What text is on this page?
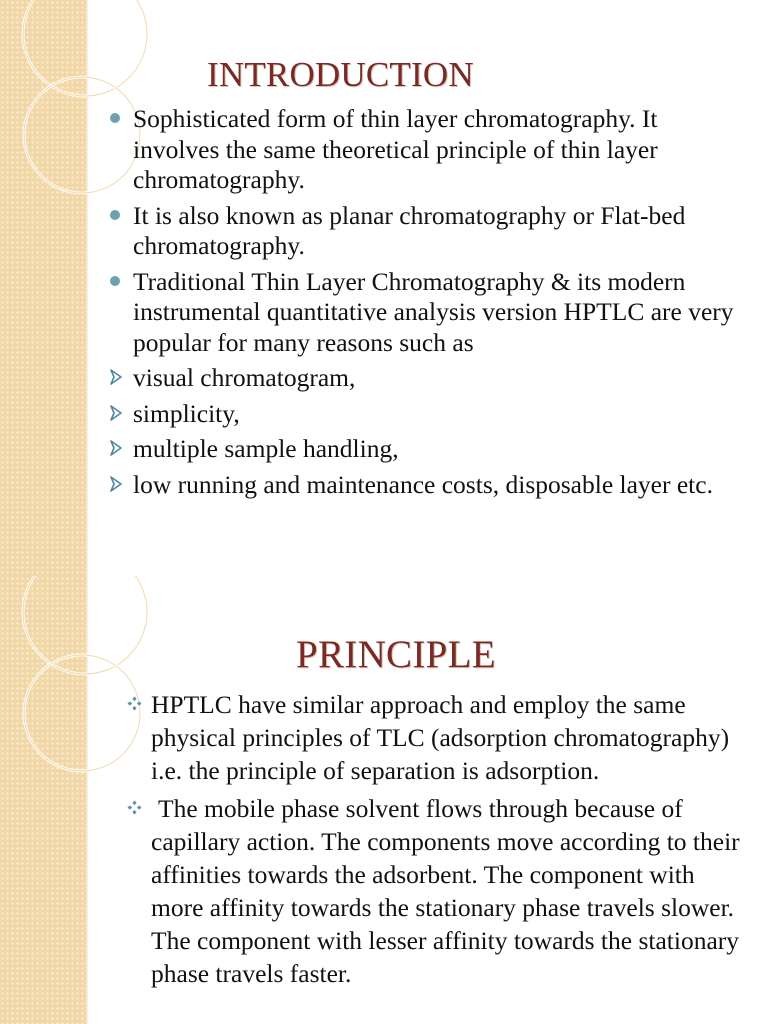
INTRODUCTION
Sophisticated form of thin layer chromatography. It involves the same theoretical principle of thin layer chromatography.
It is also known as planar chromatography or Flat-bed chromatography.
Traditional Thin Layer Chromatography & its modern instrumental quantitative analysis version HPTLC are very popular for many reasons such as
visual chromatogram,
simplicity,
multiple sample handling,
low running and maintenance costs, disposable layer etc.
PRINCIPLE
HPTLC have similar approach and employ the same physical principles of TLC (adsorption chromatography) i.e. the principle of separation is adsorption.
The mobile phase solvent flows through because of capillary action. The components move according to their affinities towards the adsorbent. The component with more affinity towards the stationary phase travels slower. The component with lesser affinity towards the stationary phase travels faster.
